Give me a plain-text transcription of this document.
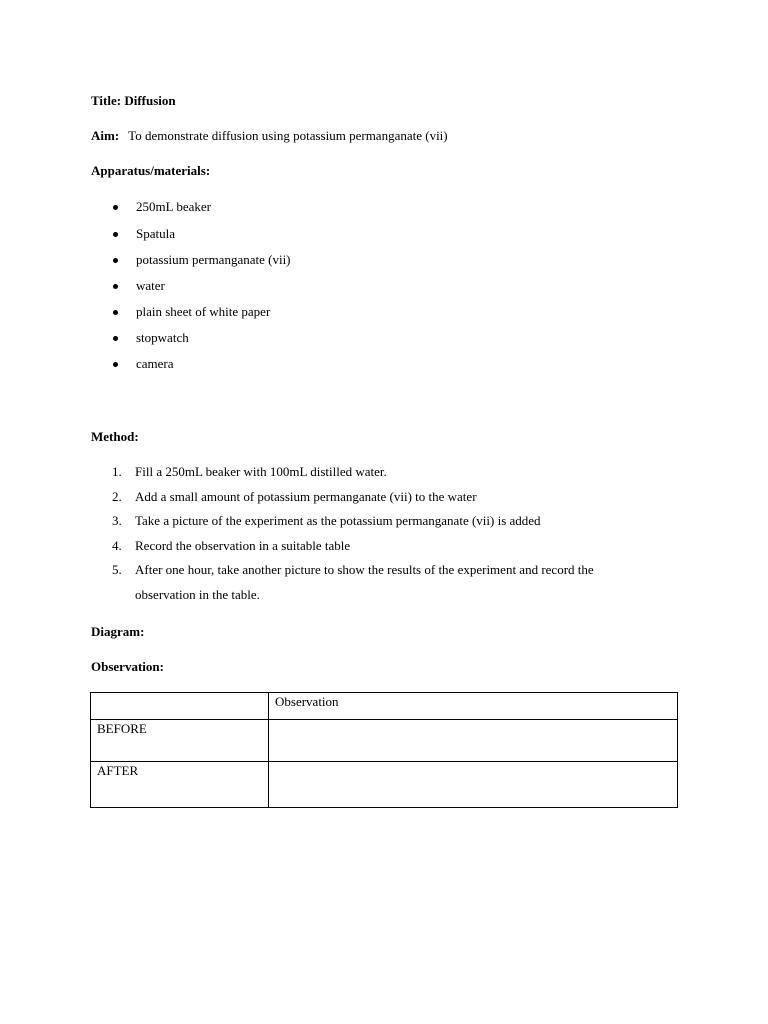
Title: Diffusion
Aim: To demonstrate diffusion using potassium permanganate (vii)
Apparatus/materials:
250mL beaker
Spatula
potassium permanganate (vii)
water
plain sheet of white paper
stopwatch
camera
Method:
1. Fill a 250mL beaker with 100mL distilled water.
2. Add a small amount of potassium permanganate (vii) to the water
3. Take a picture of the experiment as the potassium permanganate (vii) is added
4. Record the observation in a suitable table
5. After one hour, take another picture to show the results of the experiment and record the
observation in the table.
Diagram:
Observation:
	Observation
BEFORE	
AFTER	
